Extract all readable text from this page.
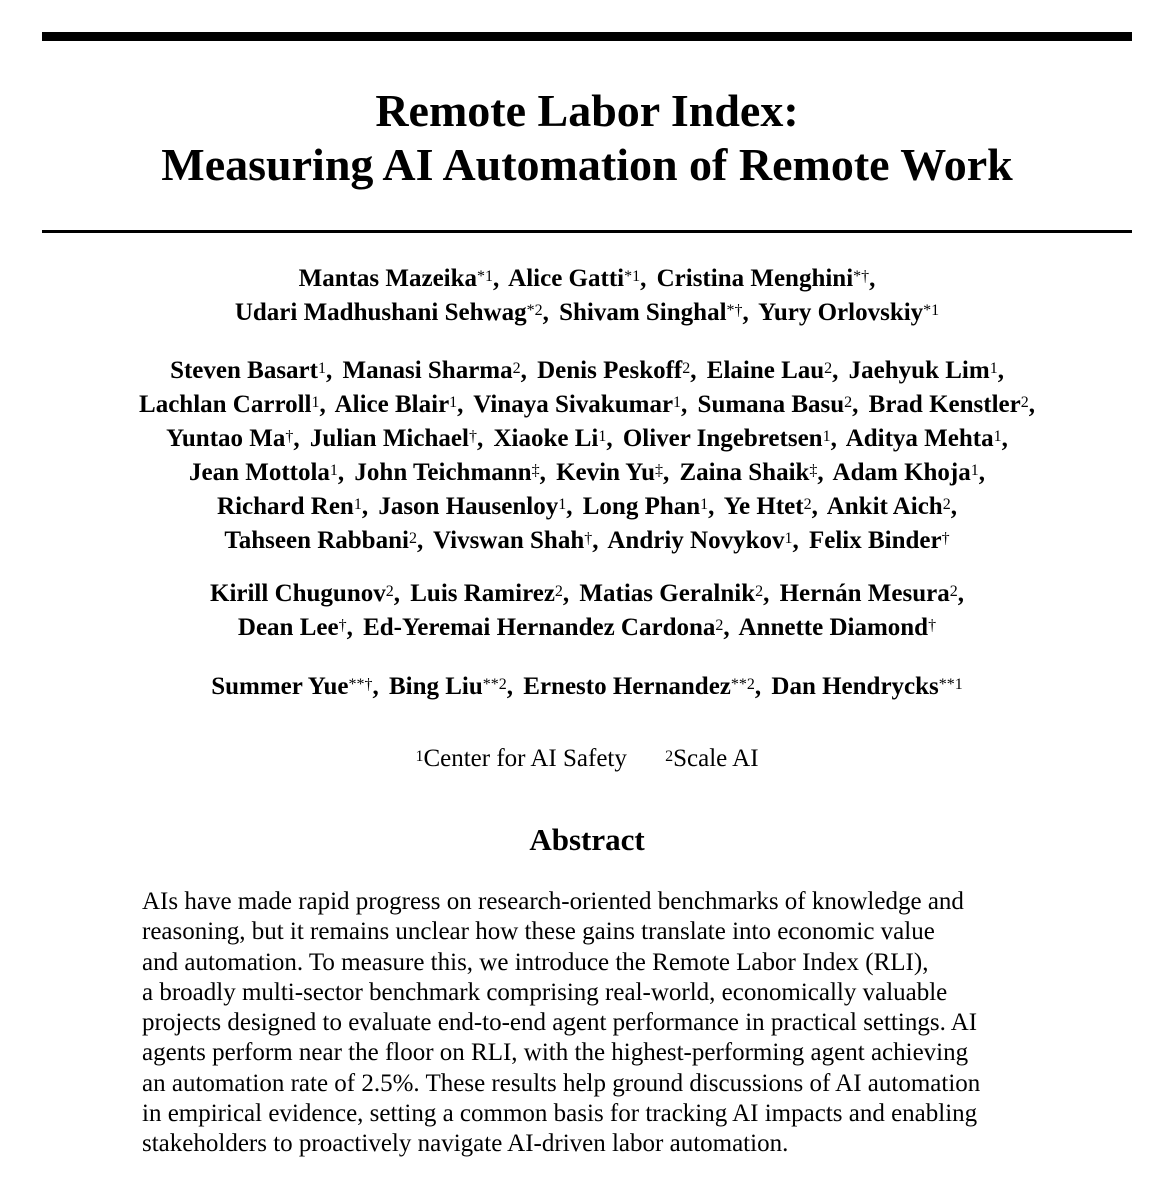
Remote Labor Index:
Measuring AI Automation of Remote Work
Mantas Mazeika$^{*1}$, Alice Gatti$^{*1}$, Cristina Menghini*†,
Udari Madhushani Sehwag$^{*2}$, Shivam Singhal*†, Yury Orlovskiy$^{*1}$
Steven Basart$^1$, Manasi Sharma$^2$, Denis Peskoff$^2$, Elaine Lau$^2$, Jaehyuk Lim$^1$,
Lachlan Carroll$^1$, Alice Blair$^1$, Vinaya Sivakumar$^1$, Sumana Basu$^2$, Brad Kenstler$^2$,
Yuntao Ma†, Julian Michael†, Xiaoke Li$^1$, Oliver Ingebretsen$^1$, Aditya Mehta$^1$,
Jean Mottola$^1$, John Teichmann‡, Kevin Yu‡, Zaina Shaik‡, Adam Khoja$^1$,
Richard Ren$^1$, Jason Hausenloy$^1$, Long Phan$^1$, Ye Htet$^2$, Ankit Aich$^2$,
Tahseen Rabbani$^2$, Vivswan Shah†, Andriy Novykov$^1$, Felix Binder†
Kirill Chugunov$^2$, Luis Ramirez$^2$, Matias Geralnik$^2$, Hernán Mesura$^2$,
Dean Lee†, Ed-Yeremai Hernandez Cardona$^2$, Annette Diamond†
Summer Yue**†, Bing Liu$^{**2}$, Ernesto Hernandez$^{**2}$, Dan Hendrycks$^{**1}$
$^1$Center for AI Safety $^2$Scale AI
Abstract
AIs have made rapid progress on research-oriented benchmarks of knowledge and
reasoning, but it remains unclear how these gains translate into economic value
and automation. To measure this, we introduce the Remote Labor Index (RLI),
a broadly multi-sector benchmark comprising real-world, economically valuable
projects designed to evaluate end-to-end agent performance in practical settings. AI
agents perform near the floor on RLI, with the highest-performing agent achieving
an automation rate of 2.5%. These results help ground discussions of AI automation
in empirical evidence, setting a common basis for tracking AI impacts and enabling
stakeholders to proactively navigate AI-driven labor automation.
